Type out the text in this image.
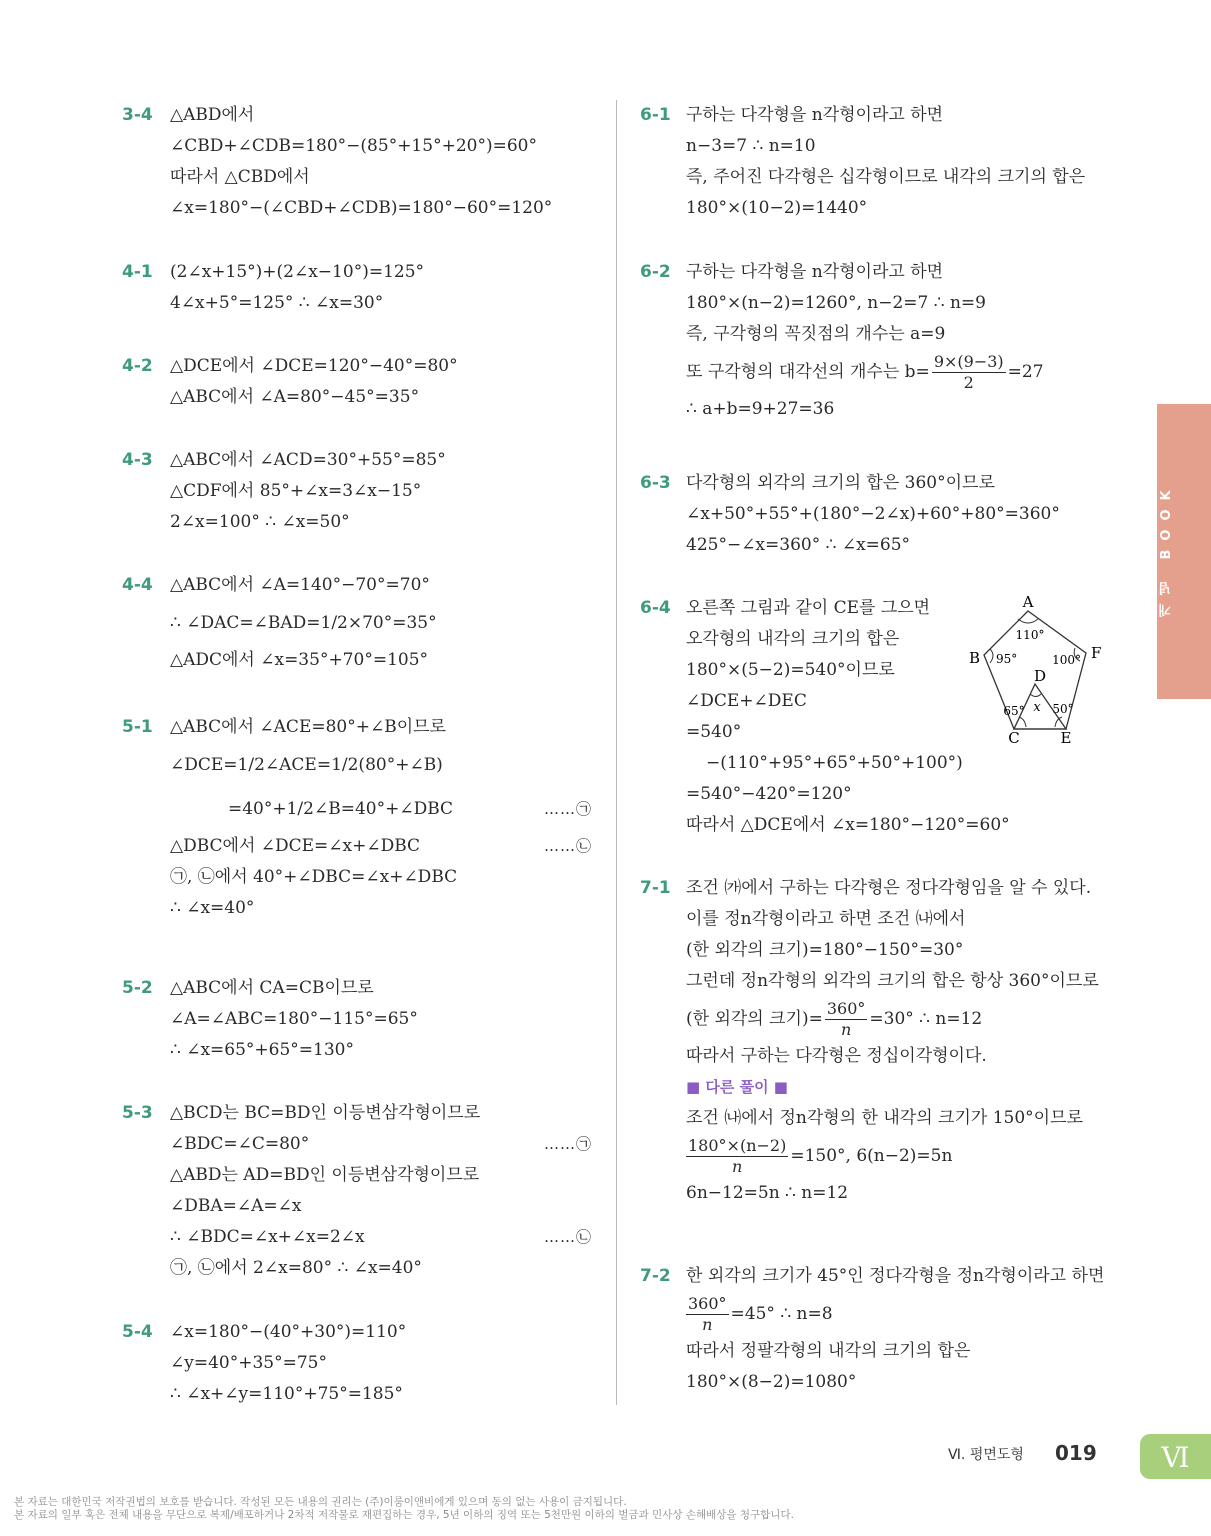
3-4 △ABD에서
∠CBD+∠CDB=180°−(85°+15°+20°)=60°
따라서 △CBD에서
∠x=180°−(∠CBD+∠CDB)=180°−60°=120°
4-1 (2∠x+15°)+(2∠x−10°)=125°
4∠x+5°=125° ∴ ∠x=30°
4-2 △DCE에서 ∠DCE=120°−40°=80°
△ABC에서 ∠A=80°−45°=35°
4-3 △ABC에서 ∠ACD=30°+55°=85°
△CDF에서 85°+∠x=3∠x−15°
2∠x=100° ∴ ∠x=50°
4-4 △ABC에서 ∠A=140°−70°=70°
∴ ∠DAC=∠BAD=1/2×70°=35°
△ADC에서 ∠x=35°+70°=105°
5-1 △ABC에서 ∠ACE=80°+∠B이므로
∠DCE=1/2∠ACE=1/2(80°+∠B)
=40°+1/2∠B=40°+∠DBC	……㉠
△DBC에서 ∠DCE=∠x+∠DBC	……㉡
㉠, ㉡에서 40°+∠DBC=∠x+∠DBC
∴ ∠x=40°
5-2 △ABC에서 CA=CB이므로
∠A=∠ABC=180°−115°=65°
∴ ∠x=65°+65°=130°
5-3 △BCD는 BC=BD인 이등변삼각형이므로
∠BDC=∠C=80°	……㉠
△ABD는 AD=BD인 이등변삼각형이므로
∠DBA=∠A=∠x
∴ ∠BDC=∠x+∠x=2∠x	……㉡
㉠, ㉡에서 2∠x=80° ∴ ∠x=40°
5-4 ∠x=180°−(40°+30°)=110°
∠y=40°+35°=75°
∴ ∠x+∠y=110°+75°=185°
6-1 구하는 다각형을 n각형이라고 하면
n−3=7 ∴ n=10
즉, 주어진 다각형은 십각형이므로 내각의 크기의 합은
180°×(10−2)=1440°
6-2 구하는 다각형을 n각형이라고 하면
180°×(n−2)=1260°, n−2=7 ∴ n=9
즉, 구각형의 꼭짓점의 개수는 a=9
또 구각형의 대각선의 개수는 $b= \frac{9\times(9-3)}{2} =27$
∴ a+b=9+27=36
6-3 다각형의 외각의 크기의 합은 360°이므로
∠x+50°+55°+(180°−2∠x)+60°+80°=360°
425°−∠x=360° ∴ ∠x=65°
6-4 오른쪽 그림과 같이 CE를 그으면
오각형의 내각의 크기의 합은
180°×(5−2)=540°이므로
∠DCE+∠DEC
=540°
−(110°+95°+65°+50°+100°)
=540°−420°=120°
따라서 △DCE에서 ∠x=180°−120°=60°
A
B
C
D
E
F
110°
95°	100°
65° 50°
x
7-1 조건 ㈎에서 구하는 다각형은 정다각형임을 알 수 있다.
이를 정n각형이라고 하면 조건 ㈏에서
(한 외각의 크기)=180°−150°=30°
그런데 정n각형의 외각의 크기의 합은 항상 360°이므로
(한 외각의 크기)= $\frac{360^\circ}{n} =30^\circ$ ∴ n=12
따라서 구하는 다각형은 정십이각형이다.
■ 다른 풀이 ■
조건 ㈏에서 정n각형의 한 내각의 크기가 150°이므로
$\frac{180^\circ\times(n-2)}{n} =150^\circ$, 6(n−2)=5n
6n−12=5n ∴ n=12
7-2 한 외각의 크기가 45°인 정다각형을 정n각형이라고 하면
$\frac{360^\circ}{n} =45^\circ$ ∴ n=8
따라서 정팔각형의 내각의 크기의 합은
180°×(8−2)=1080°
개념 BOOK
Ⅵ. 평면도형 019	Ⅵ
본 자료는 대한민국 저작권법의 보호를 받습니다. 작성된 모든 내용의 권리는 (주)이룸이앤비에게 있으며 동의 없는 사용이 금지됩니다.
본 자료의 일부 혹은 전체 내용을 무단으로 복제/배포하거나 2차적 저작물로 재편집하는 경우, 5년 이하의 징역 또는 5천만원 이하의 벌금과 민사상 손해배상을 청구합니다.
